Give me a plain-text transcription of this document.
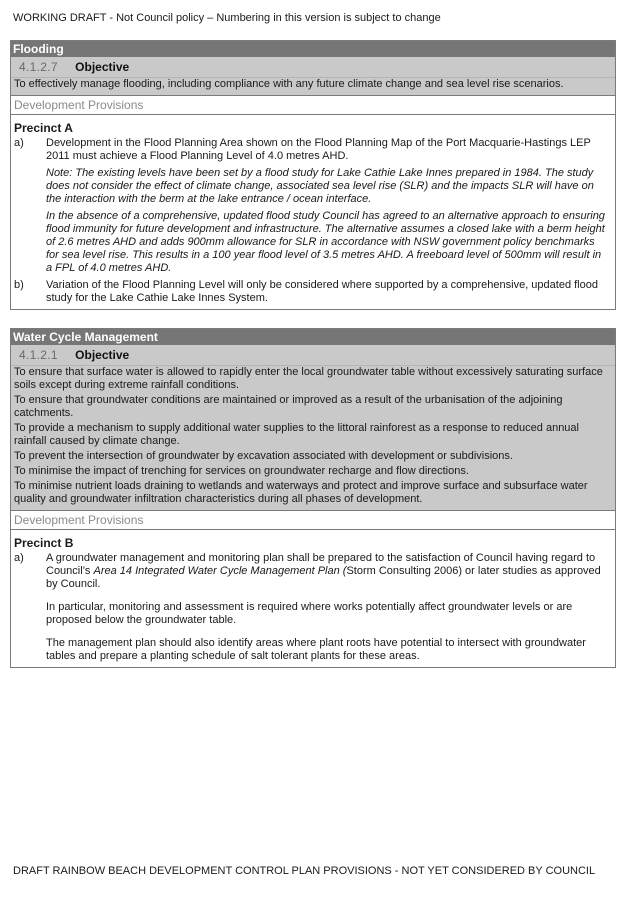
WORKING DRAFT - Not Council policy – Numbering in this version is subject to change
Flooding
4.1.2.7 Objective

To effectively manage flooding, including compliance with any future climate change and sea level rise scenarios.

Development Provisions
Precinct A
a)	Development in the Flood Planning Area shown on the Flood Planning Map of the Port Macquarie-Hastings LEP 2011 must achieve a Flood Planning Level of 4.0 metres AHD.

Note: The existing levels have been set by a flood study for Lake Cathie Lake Innes prepared in 1984. The study does not consider the effect of climate change, associated sea level rise (SLR) and the impacts SLR will have on the interaction with the berm at the lake entrance / ocean interface.

In the absence of a comprehensive, updated flood study Council has agreed to an alternative approach to ensuring flood immunity for future development and infrastructure. The alternative assumes a closed lake with a berm height of 2.6 metres AHD and adds 900mm allowance for SLR in accordance with NSW government policy benchmarks for sea level rise. This results in a 100 year flood level of 3.5 metres AHD. A freeboard level of 500mm will result in a FPL of 4.0 metres AHD.

b)	Variation of the Flood Planning Level will only be considered where supported by a comprehensive, updated flood study for the Lake Cathie Lake Innes System.

Water Cycle Management
4.1.2.1 Objective

To ensure that surface water is allowed to rapidly enter the local groundwater table without excessively saturating surface soils except during extreme rainfall conditions.

To ensure that groundwater conditions are maintained or improved as a result of the urbanisation of the adjoining catchments.

To provide a mechanism to supply additional water supplies to the littoral rainforest as a response to reduced annual rainfall caused by climate change.

To prevent the intersection of groundwater by excavation associated with development or subdivisions.

To minimise the impact of trenching for services on groundwater recharge and flow directions.

To minimise nutrient loads draining to wetlands and waterways and protect and improve surface and subsurface water quality and groundwater infiltration characteristics during all phases of development.

Development Provisions
Precinct B
a)	A groundwater management and monitoring plan shall be prepared to the satisfaction of Council having regard to Council’s Area 14 Integrated Water Cycle Management Plan (Storm Consulting 2006) or later studies as approved by Council.

In particular, monitoring and assessment is required where works potentially affect groundwater levels or are proposed below the groundwater table.

The management plan should also identify areas where plant roots have potential to intersect with groundwater tables and prepare a planting schedule of salt tolerant plants for these areas.

DRAFT RAINBOW BEACH DEVELOPMENT CONTROL PLAN PROVISIONS - NOT YET CONSIDERED BY COUNCIL
